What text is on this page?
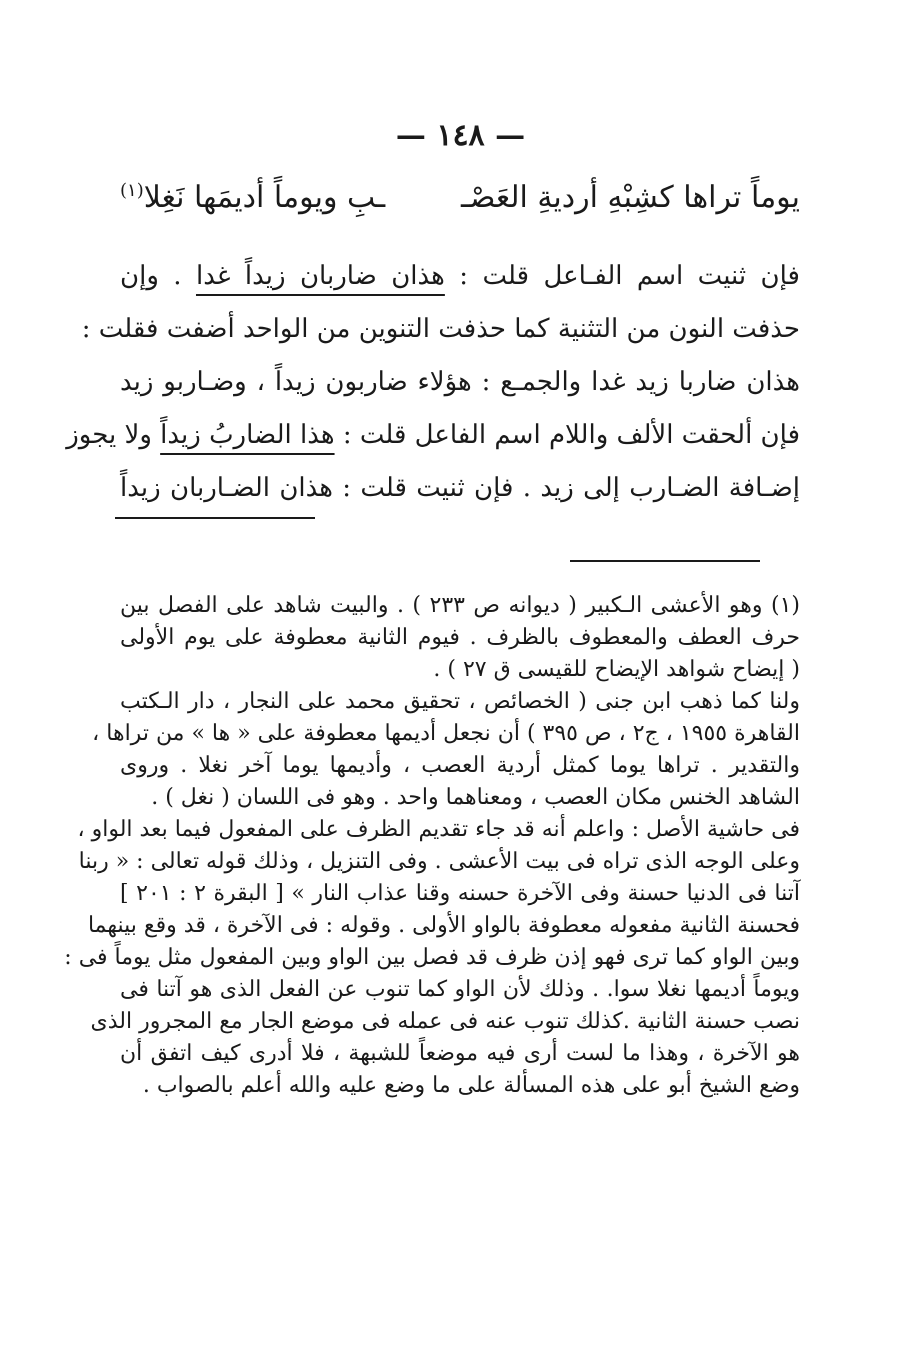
— ١٤٨ —
يوماً تراها كشِبْهِ أرديةِ العَصْـ
ـبِ ويوماً أديمَها نَغِلا$^{(١)}$
فإن ثنيت اسم الفـاعل قلت : هذان ضاربان زيداً غدا . وإن
حذفت النون من التثنية كما حذفت التنوين من الواحد أضفت فقلت :
هذان ضاربا زيد غدا والجمـع : هؤلاء ضاربون زيداً ، وضـاربو زيد
فإن ألحقت الألف واللام اسم الفاعل قلت : هذا الضاربُ زيداً ولا يجوز
إضـافة الضـارب إلى زيد . فإن ثنيت قلت : هذان الضـاربان زيداً
(١) وهو الأعشى الـكبير ( ديوانه ص ٢٣٣ ) . والبيت شاهد على الفصل بين
حرف العطف والمعطوف بالظرف . فيوم الثانية معطوفة على يوم الأولى
( إيضاح شواهد الإيضاح للقيسى ق ٢٧ ) .
ولنا كما ذهب ابن جنى ( الخصائص ، تحقيق محمد على النجار ، دار الـكتب
القاهرة ١٩٥٥ ، ج٢ ، ص ٣٩٥ ) أن نجعل أديمها معطوفة على « ها » من تراها ،
والتقدير . تراها يوما كمثل أردية العصب ، وأديمها يوما آخر نغلا . وروى
الشاهد الخنس مكان العصب ، ومعناهما واحد . وهو فى اللسان ( نغل ) .
فى حاشية الأصل : واعلم أنه قد جاء تقديم الظرف على المفعول فيما بعد الواو ،
وعلى الوجه الذى تراه فى بيت الأعشى . وفى التنزيل ، وذلك قوله تعالى : « ربنا
آتنا فى الدنيا حسنة وفى الآخرة حسنه وقنا عذاب النار » [ البقرة ٢ : ٢٠١ ]
فحسنة الثانية مفعوله معطوفة بالواو الأولى . وقوله : فى الآخرة ، قد وقع بينهما
وبين الواو كما ترى فهو إذن ظرف قد فصل بين الواو وبين المفعول مثل يوماً فى :
ويوماً أديمها نغلا سوا. . وذلك لأن الواو كما تنوب عن الفعل الذى هو آتنا فى
نصب حسنة الثانية .كذلك تنوب عنه فى عمله فى موضع الجار مع المجرور الذى
هو الآخرة ، وهذا ما لست أرى فيه موضعاً للشبهة ، فلا أدرى كيف اتفق أن
وضع الشيخ أبو على هذه المسألة على ما وضع عليه والله أعلم بالصواب .
